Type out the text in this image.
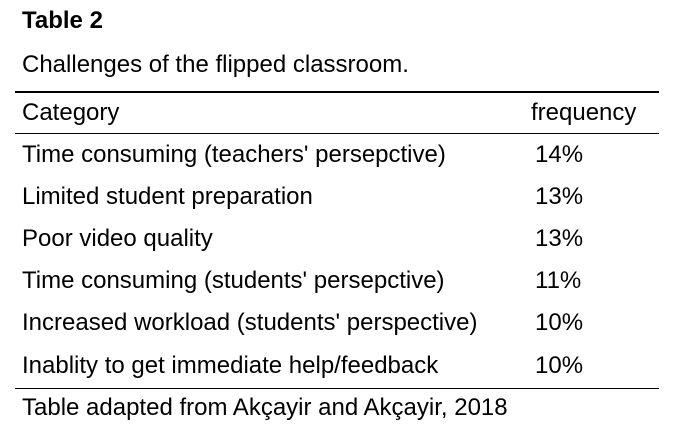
Table 2
Challenges of the flipped classroom.
Category	frequency
Time consuming (teachers' persepctive)	14%
Limited student preparation	13%
Poor video quality	13%
Time consuming (students' persepctive)	11%
Increased workload (students' perspective)	10%
Inablity to get immediate help/feedback	10%
Table adapted from Akçayir and Akçayir, 2018
